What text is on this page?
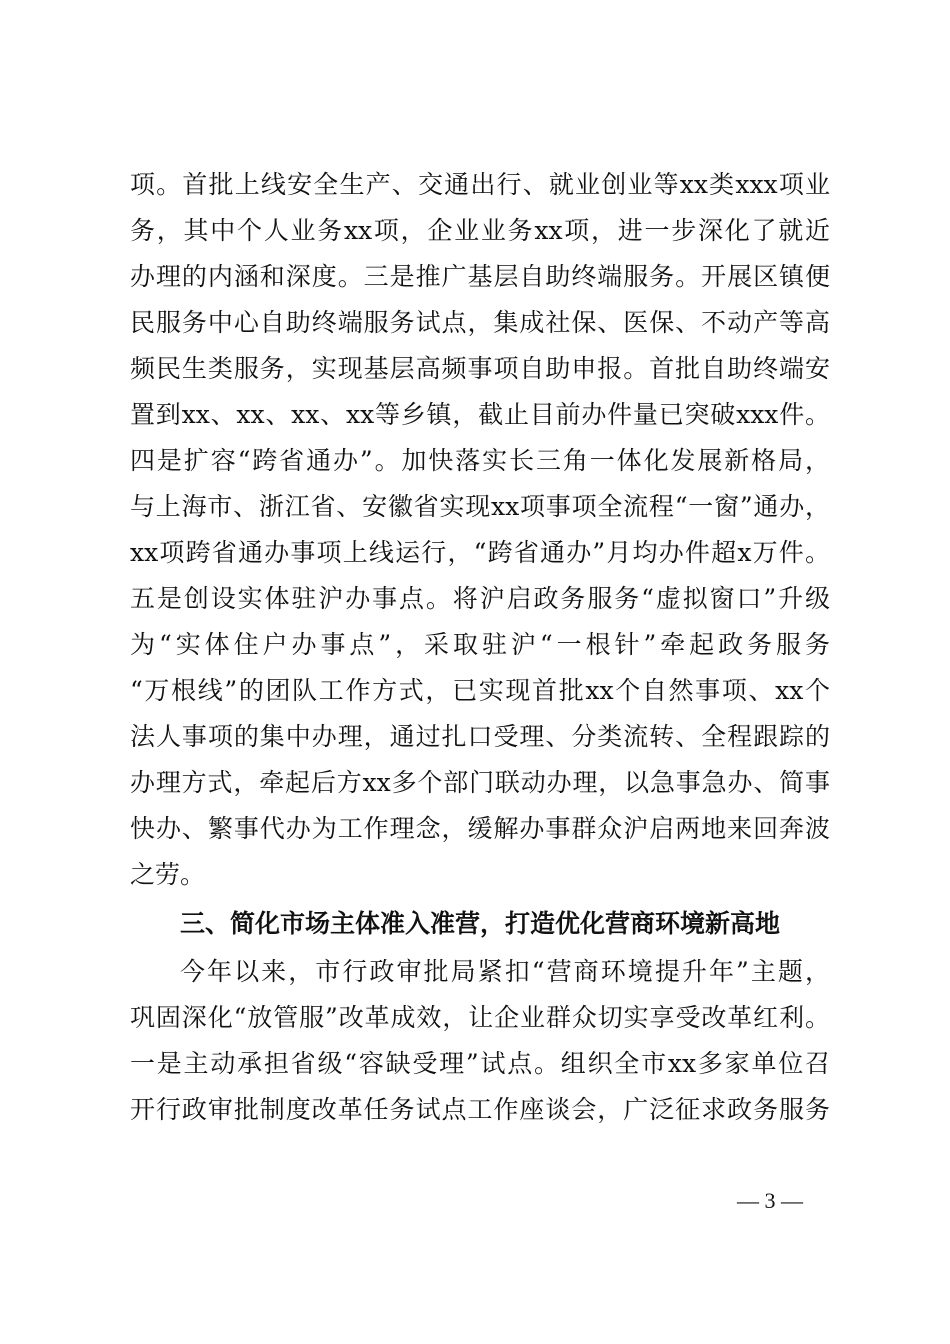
项。首批上线安全生产、交通出行、就业创业等xx类xxx项业
务，其中个人业务xx项，企业业务xx项，进一步深化了就近
办理的内涵和深度。三是推广基层自助终端服务。开展区镇便
民服务中心自助终端服务试点，集成社保、医保、不动产等高
频民生类服务，实现基层高频事项自助申报。首批自助终端安
置到xx、xx、xx、xx等乡镇，截止目前办件量已突破xxx件。
四是扩容“跨省通办”。加快落实长三角一体化发展新格局，
与上海市、浙江省、安徽省实现xx项事项全流程“一窗”通办，
xx项跨省通办事项上线运行，“跨省通办”月均办件超x万件。
五是创设实体驻沪办事点。将沪启政务服务“虚拟窗口”升级
为“实体住户办事点”，采取驻沪“一根针”牵起政务服务
“万根线”的团队工作方式，已实现首批xx个自然事项、xx个
法人事项的集中办理，通过扎口受理、分类流转、全程跟踪的
办理方式，牵起后方xx多个部门联动办理，以急事急办、简事
快办、繁事代办为工作理念，缓解办事群众沪启两地来回奔波
之劳。
三、简化市场主体准入准营，打造优化营商环境新高地
今年以来，市行政审批局紧扣“营商环境提升年”主题，
巩固深化“放管服”改革成效，让企业群众切实享受改革红利。
一是主动承担省级“容缺受理”试点。组织全市xx多家单位召
开行政审批制度改革任务试点工作座谈会，广泛征求政务服务
— 3 —
